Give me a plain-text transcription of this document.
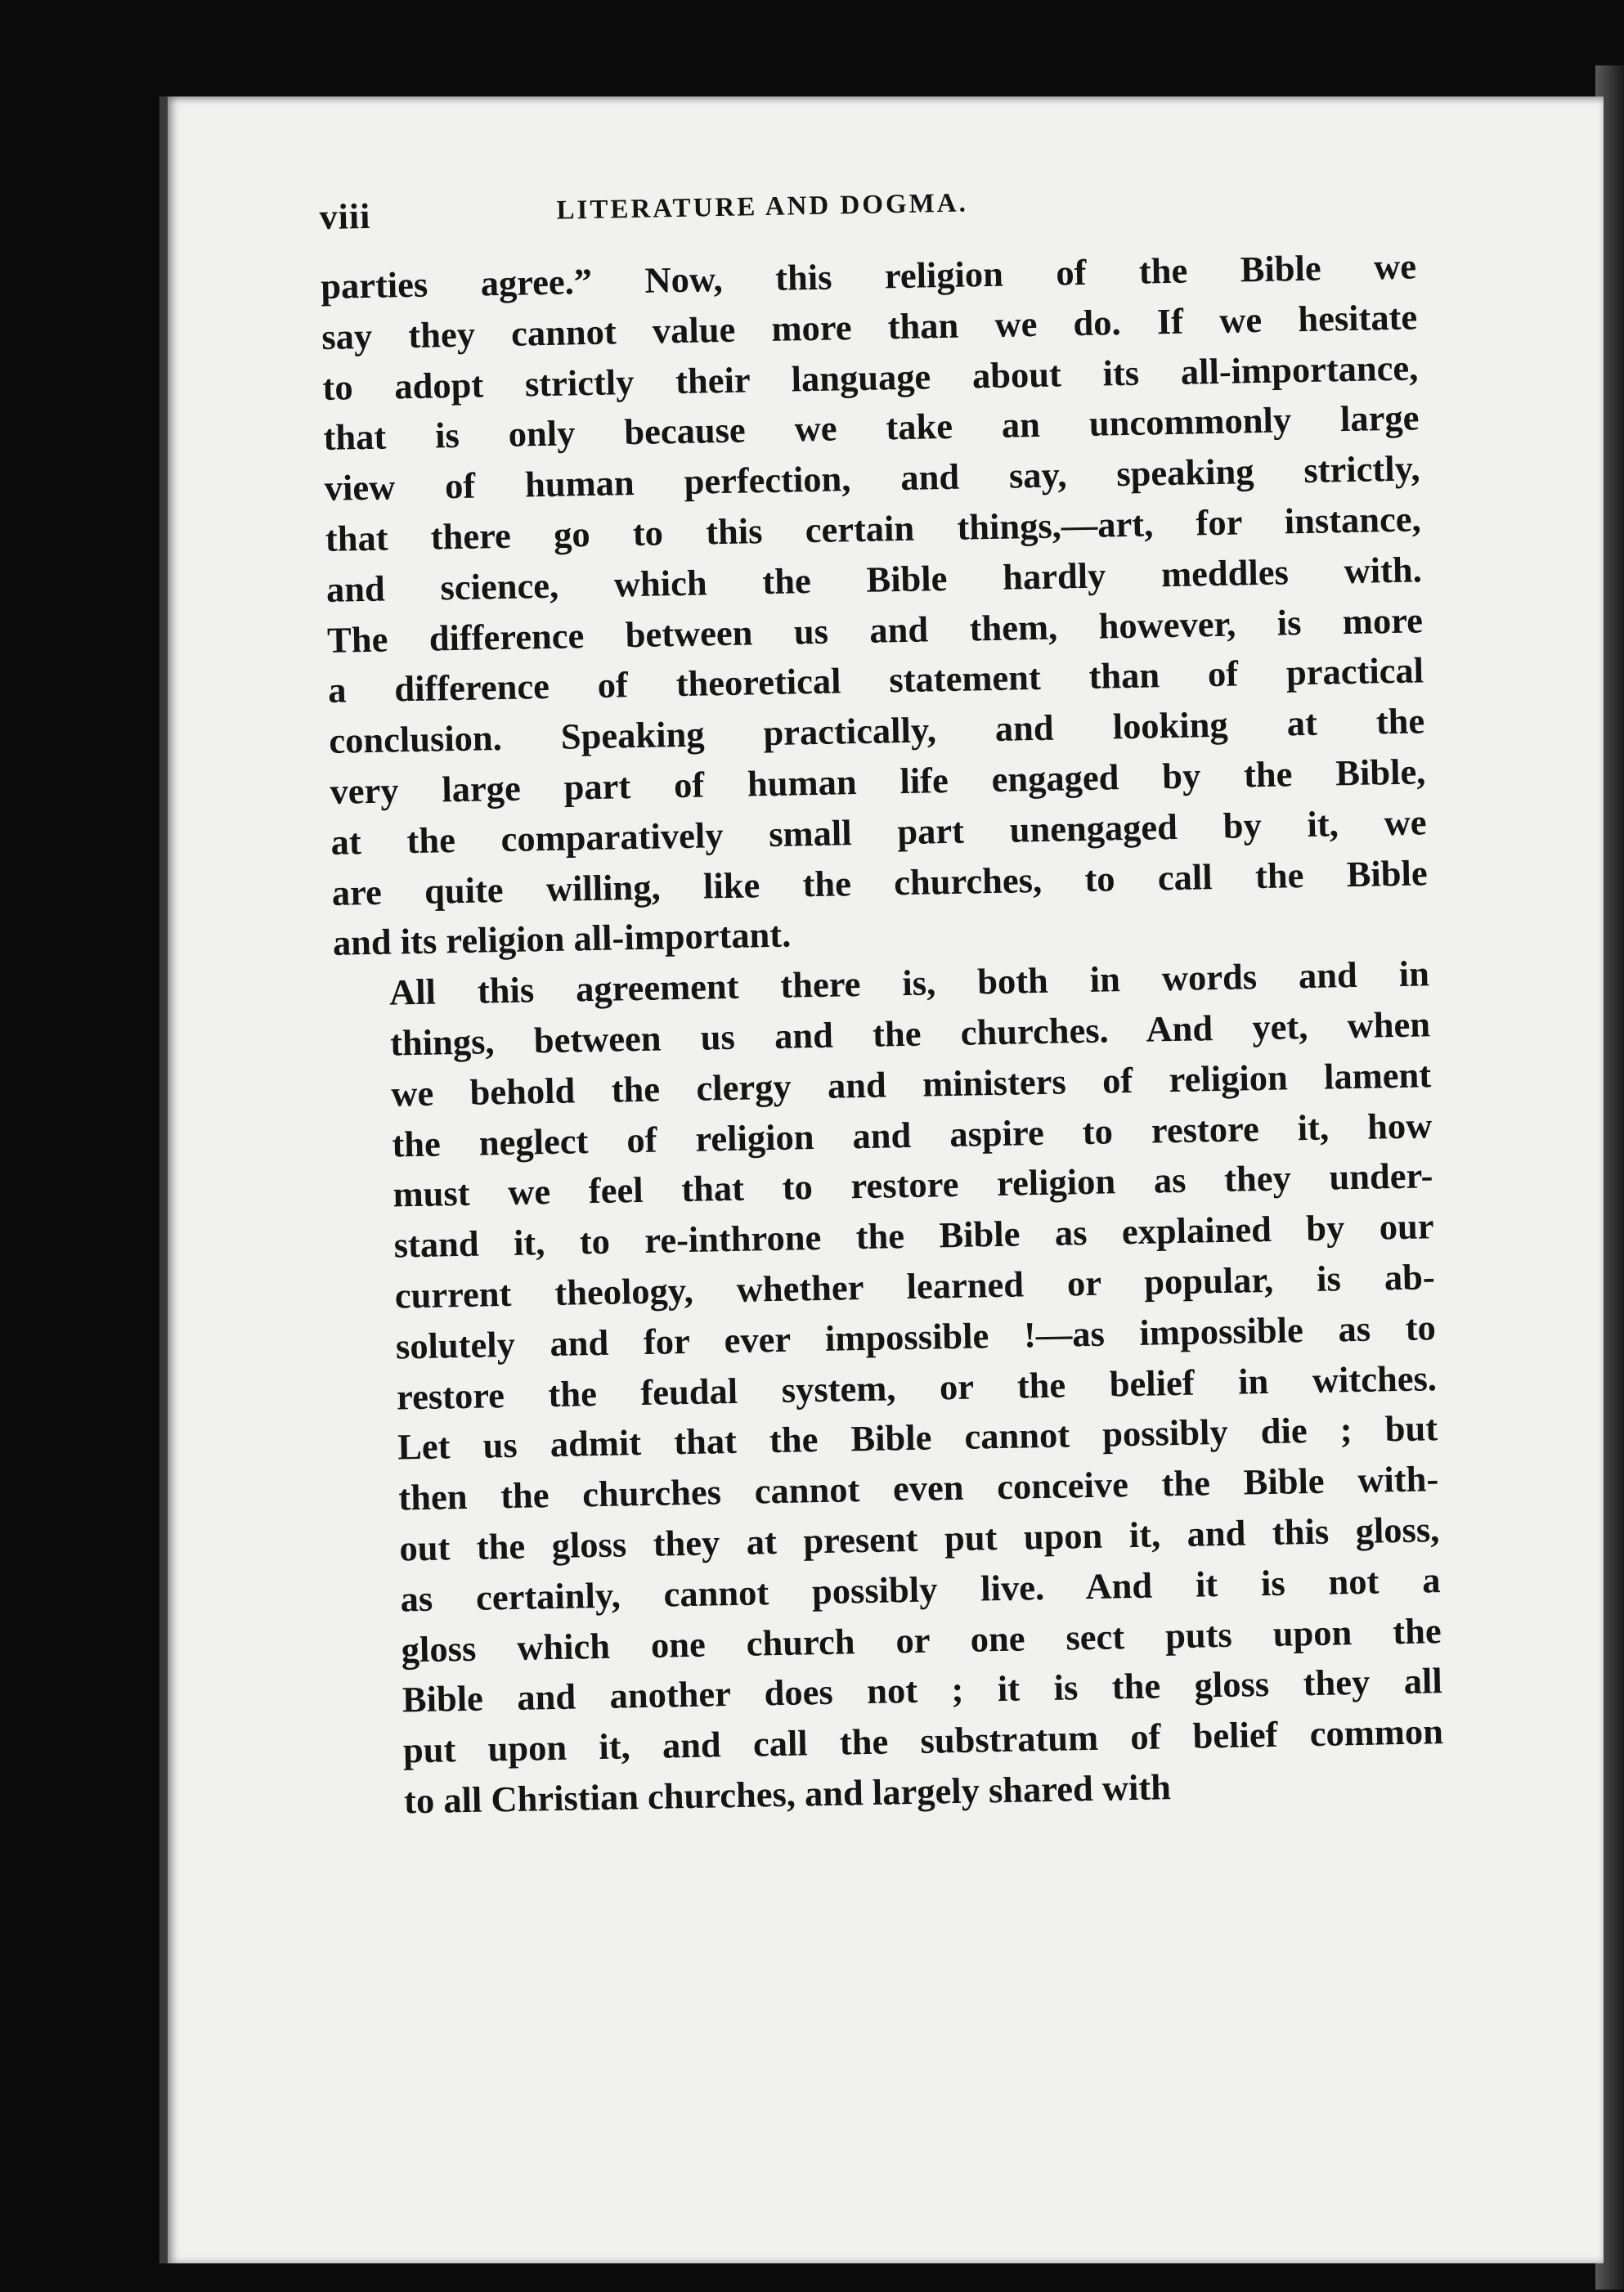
viii	LITERATURE AND DOGMA.

parties agree.” Now, this religion of the Bible we
say they cannot value more than we do. If we hesitate
to adopt strictly their language about its all-importance,
that is only because we take an uncommonly large
view of human perfection, and say, speaking strictly,
that there go to this certain things,—art, for instance,
and science, which the Bible hardly meddles with.
The difference between us and them, however, is more
a difference of theoretical statement than of practical
conclusion. Speaking practically, and looking at the
very large part of human life engaged by the Bible,
at the comparatively small part unengaged by it, we
are quite willing, like the churches, to call the Bible
and its religion all-important.

All this agreement there is, both in words and in
things, between us and the churches. And yet, when
we behold the clergy and ministers of religion lament
the neglect of religion and aspire to restore it, how
must we feel that to restore religion as they under-
stand it, to re-inthrone the Bible as explained by our
current theology, whether learned or popular, is ab-
solutely and for ever impossible !—as impossible as to
restore the feudal system, or the belief in witches.
Let us admit that the Bible cannot possibly die ; but
then the churches cannot even conceive the Bible with-
out the gloss they at present put upon it, and this gloss,
as certainly, cannot possibly live. And it is not a
gloss which one church or one sect puts upon the
Bible and another does not ; it is the gloss they all
put upon it, and call the substratum of belief common
to all Christian churches, and largely shared with
